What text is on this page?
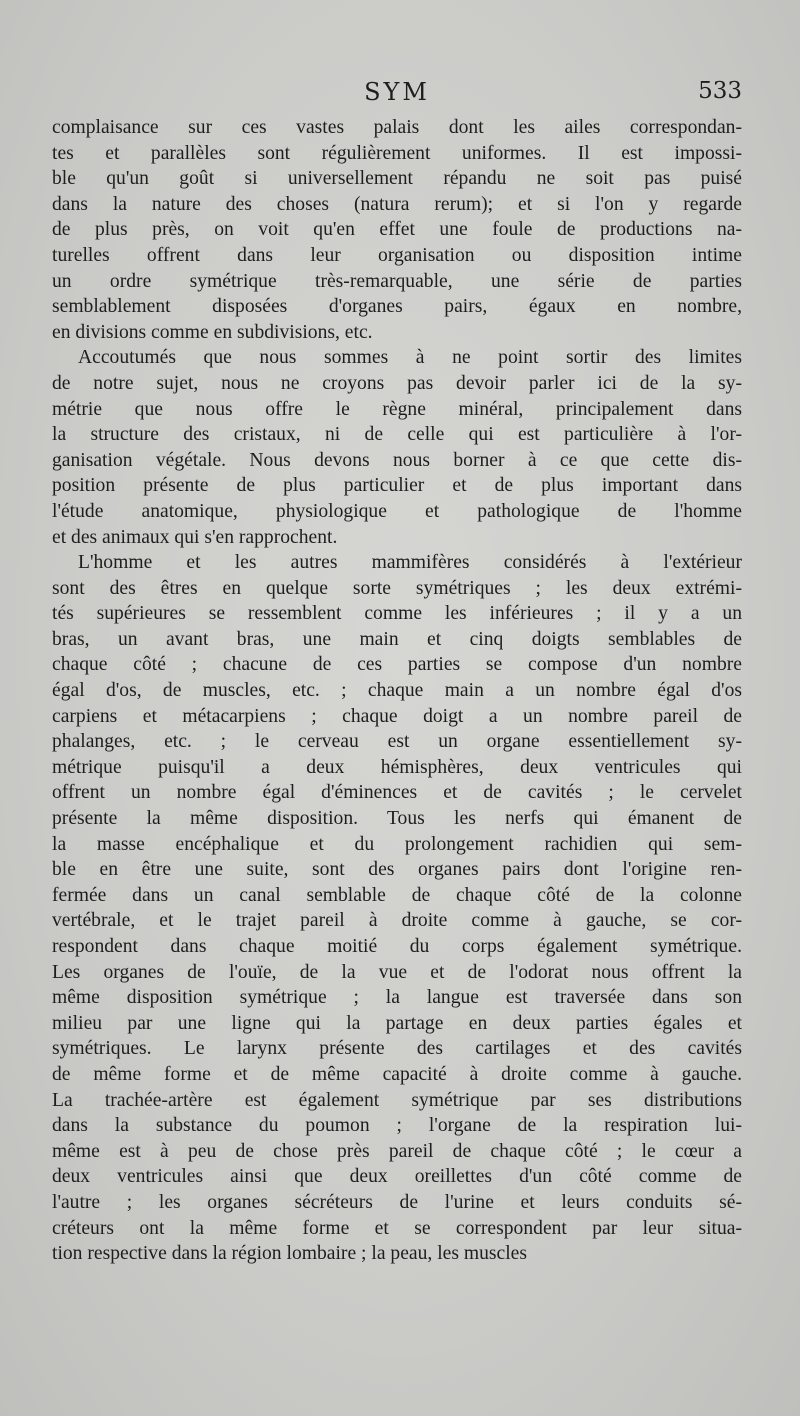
SYM	533
complaisance sur ces vastes palais dont les ailes correspondan-
tes et parallèles sont régulièrement uniformes. Il est impossi-
ble qu'un goût si universellement répandu ne soit pas puisé
dans la nature des choses (natura rerum); et si l'on y regarde
de plus près, on voit qu'en effet une foule de productions na-
turelles offrent dans leur organisation ou disposition intime
un ordre symétrique très-remarquable, une série de parties
semblablement disposées d'organes pairs, égaux en nombre,
en divisions comme en subdivisions, etc.
Accoutumés que nous sommes à ne point sortir des limites
de notre sujet, nous ne croyons pas devoir parler ici de la sy-
métrie que nous offre le règne minéral, principalement dans
la structure des cristaux, ni de celle qui est particulière à l'or-
ganisation végétale. Nous devons nous borner à ce que cette dis-
position présente de plus particulier et de plus important dans
l'étude anatomique, physiologique et pathologique de l'homme
et des animaux qui s'en rapprochent.
L'homme et les autres mammifères considérés à l'extérieur
sont des êtres en quelque sorte symétriques ; les deux extrémi-
tés supérieures se ressemblent comme les inférieures ; il y a un
bras, un avant bras, une main et cinq doigts semblables de
chaque côté ; chacune de ces parties se compose d'un nombre
égal d'os, de muscles, etc. ; chaque main a un nombre égal d'os
carpiens et métacarpiens ; chaque doigt a un nombre pareil de
phalanges, etc. ; le cerveau est un organe essentiellement sy-
métrique puisqu'il a deux hémisphères, deux ventricules qui
offrent un nombre égal d'éminences et de cavités ; le cervelet
présente la même disposition. Tous les nerfs qui émanent de
la masse encéphalique et du prolongement rachidien qui sem-
ble en être une suite, sont des organes pairs dont l'origine ren-
fermée dans un canal semblable de chaque côté de la colonne
vertébrale, et le trajet pareil à droite comme à gauche, se cor-
respondent dans chaque moitié du corps également symétrique.
Les organes de l'ouïe, de la vue et de l'odorat nous offrent la
même disposition symétrique ; la langue est traversée dans son
milieu par une ligne qui la partage en deux parties égales et
symétriques. Le larynx présente des cartilages et des cavités
de même forme et de même capacité à droite comme à gauche.
La trachée-artère est également symétrique par ses distributions
dans la substance du poumon ; l'organe de la respiration lui-
même est à peu de chose près pareil de chaque côté ; le cœur a
deux ventricules ainsi que deux oreillettes d'un côté comme de
l'autre ; les organes sécréteurs de l'urine et leurs conduits sé-
créteurs ont la même forme et se correspondent par leur situa-
tion respective dans la région lombaire ; la peau, les muscles
